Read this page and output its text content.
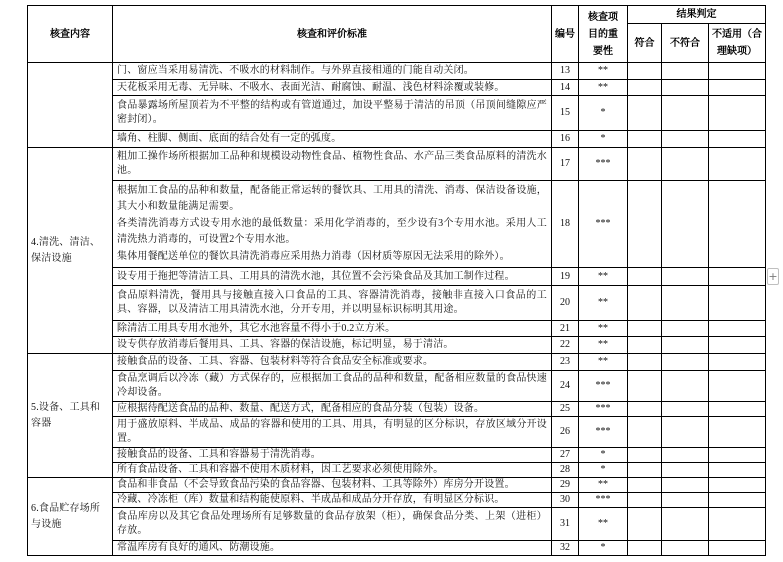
核查内容	核查和评价标准	编号	核查项目的重要性	结果判定		
				符合	不符合	不适用（合理缺项）

	门、窗应当采用易清洗、不吸水的材料制作。与外界直接相通的门能自动关闭。	13	**			

	天花板采用无毒、无异味、不吸水、表面光洁、耐腐蚀、耐温、浅色材料涂覆或装修。	14	**			

	食品暴露场所屋顶若为不平整的结构或有管道通过，加设平整易于清洁的吊顶（吊顶间缝隙应严密封闭）。	15	*			

	墙角、柱脚、侧面、底面的结合处有一定的弧度。	16	*			
4.清洗、清洁、保洁设施	粗加工操作场所根据加工品种和规模设动物性食品、植物性食品、水产品三类食品原料的清洗水池。	17	***			

	根据加工食品的品种和数量，配备能正常运转的餐饮具、工用具的清洗、消毒、保洁设备设施，其大小和数量能满足需要。
各类清洗消毒方式设专用水池的最低数量：采用化学消毒的，至少设有3个专用水池。采用人工清洗热力消毒的，可设置2个专用水池。
集体用餐配送单位的餐饮具清洗消毒应采用热力消毒（因材质等原因无法采用的除外）。	18	***			

	设专用于拖把等清洁工具、工用具的清洗水池，其位置不会污染食品及其加工制作过程。	19	**			

	食品原料清洗，餐用具与接触直接入口食品的工具、容器清洗消毒，接触非直接入口食品的工具、容器，以及清洁工用具清洗水池，分开专用，并以明显标识标明其用途。	20	**			

	除清洁工用具专用水池外，其它水池容量不得小于0.2立方米。	21	**			

	设专供存放消毒后餐用具、工具、容器的保洁设施，标记明显，易于清洁。	22	**			
5.设备、工具和容器	接触食品的设备、工具、容器、包装材料等符合食品安全标准或要求。	23	**			

	食品烹调后以冷冻（藏）方式保存的，应根据加工食品的品种和数量，配备相应数量的食品快速冷却设备。	24	***			

	应根据待配送食品的品种、数量、配送方式，配备相应的食品分装（包装）设备。	25	***			

	用于盛放原料、半成品、成品的容器和使用的工具、用具，有明显的区分标识，存放区域分开设置。	26	***			

	接触食品的设备、工具和容器易于清洗消毒。	27	*			

	所有食品设备、工具和容器不使用木质材料，因工艺要求必须使用除外。	28	*			
6.食品贮存场所与设施	食品和非食品（不会导致食品污染的食品容器、包装材料、工具等除外）库房分开设置。	29	**			

	冷藏、冷冻柜（库）数量和结构能使原料、半成品和成品分开存放，有明显区分标识。	30	***			

	食品库房以及其它食品处理场所有足够数量的食品存放架（柜），确保食品分类、上架（进柜）存放。	31	**			

	常温库房有良好的通风、防潮设施。	32	*			
+
